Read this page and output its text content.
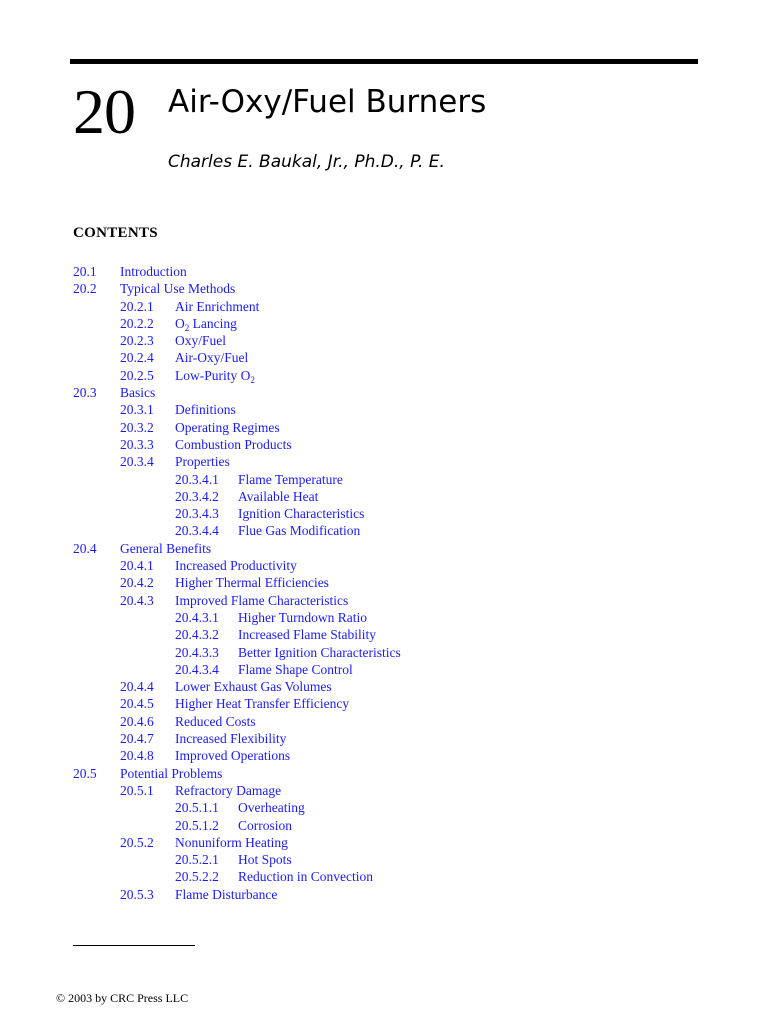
20 Air-Oxy/Fuel Burners
Charles E. Baukal, Jr., Ph.D., P. E.
CONTENTS
20.1 Introduction
20.2 Typical Use Methods
20.2.1 Air Enrichment
20.2.2 $O_2$ Lancing
20.2.3 Oxy/Fuel
20.2.4 Air-Oxy/Fuel
20.2.5 Low-Purity $O_2$
20.3 Basics
20.3.1 Definitions
20.3.2 Operating Regimes
20.3.3 Combustion Products
20.3.4 Properties
20.3.4.1 Flame Temperature
20.3.4.2 Available Heat
20.3.4.3 Ignition Characteristics
20.3.4.4 Flue Gas Modification
20.4 General Benefits
20.4.1 Increased Productivity
20.4.2 Higher Thermal Efficiencies
20.4.3 Improved Flame Characteristics
20.4.3.1 Higher Turndown Ratio
20.4.3.2 Increased Flame Stability
20.4.3.3 Better Ignition Characteristics
20.4.3.4 Flame Shape Control
20.4.4 Lower Exhaust Gas Volumes
20.4.5 Higher Heat Transfer Efficiency
20.4.6 Reduced Costs
20.4.7 Increased Flexibility
20.4.8 Improved Operations
20.5 Potential Problems
20.5.1 Refractory Damage
20.5.1.1 Overheating
20.5.1.2 Corrosion
20.5.2 Nonuniform Heating
20.5.2.1 Hot Spots
20.5.2.2 Reduction in Convection
20.5.3 Flame Disturbance
© 2003 by CRC Press LLC
